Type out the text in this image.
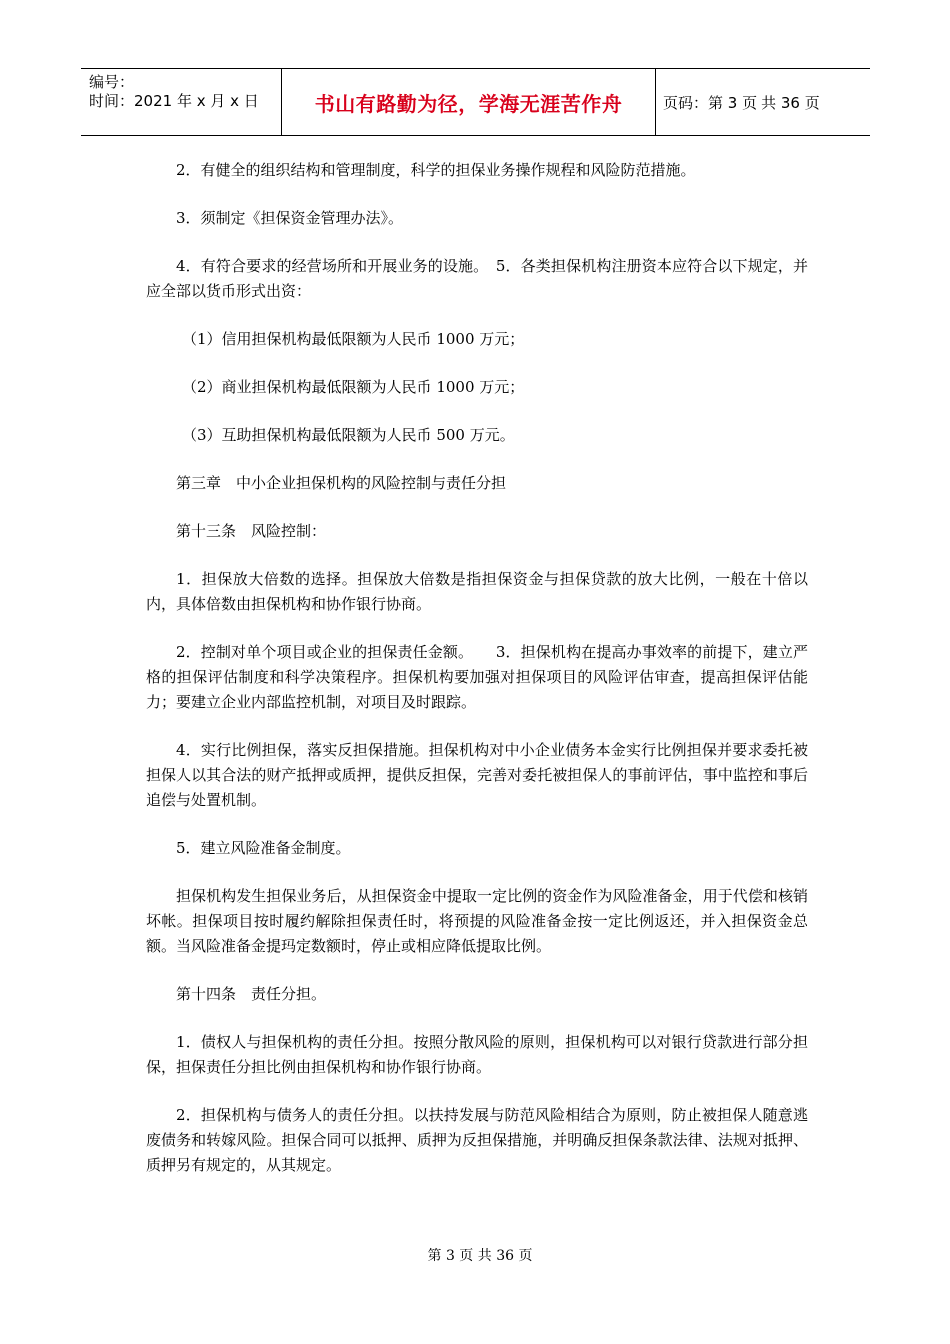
编号：
时间：2021 年 x 月 x 日	书山有路勤为径，学海无涯苦作舟	页码：第 3 页 共 36 页

2．有健全的组织结构和管理制度，科学的担保业务操作规程和风险防范措施。

3．须制定《担保资金管理办法》。

4．有符合要求的经营场所和开展业务的设施。　5．各类担保机构注册资本应符合以下规定，并应全部以货币形式出资：

（1）信用担保机构最低限额为人民币 1000 万元；

（2）商业担保机构最低限额为人民币 1000 万元；

（3）互助担保机构最低限额为人民币 500 万元。

第三章　中小企业担保机构的风险控制与责任分担

第十三条　风险控制：

1．担保放大倍数的选择。担保放大倍数是指担保资金与担保贷款的放大比例，一般在十倍以内，具体倍数由担保机构和协作银行协商。

2．控制对单个项目或企业的担保责任金额。　　3．担保机构在提高办事效率的前提下，建立严格的担保评估制度和科学决策程序。担保机构要加强对担保项目的风险评估审查，提高担保评估能力；要建立企业内部监控机制，对项目及时跟踪。

4．实行比例担保，落实反担保措施。担保机构对中小企业债务本金实行比例担保并要求委托被担保人以其合法的财产抵押或质押，提供反担保，完善对委托被担保人的事前评估，事中监控和事后追偿与处置机制。

5．建立风险准备金制度。

担保机构发生担保业务后，从担保资金中提取一定比例的资金作为风险准备金，用于代偿和核销坏帐。担保项目按时履约解除担保责任时，将预提的风险准备金按一定比例返还，并入担保资金总额。当风险准备金提玛定数额时，停止或相应降低提取比例。

第十四条　责任分担。

1．债权人与担保机构的责任分担。按照分散风险的原则，担保机构可以对银行贷款进行部分担保，担保责任分担比例由担保机构和协作银行协商。

2．担保机构与债务人的责任分担。以扶持发展与防范风险相结合为原则，防止被担保人随意逃废债务和转嫁风险。担保合同可以抵押、质押为反担保措施，并明确反担保条款法律、法规对抵押、质押另有规定的，从其规定。

第 3 页 共 36 页
